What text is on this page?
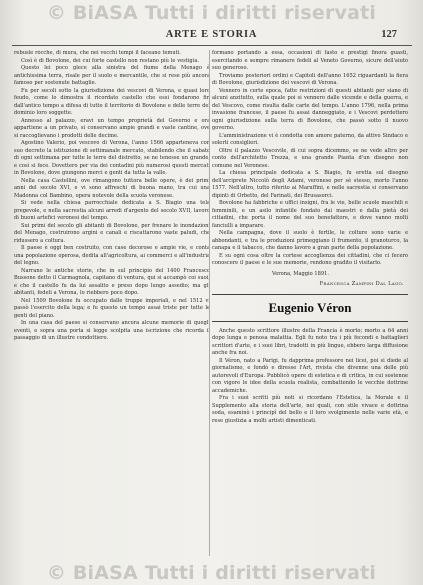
© BiASA Tutti i diritti riservati
ARTE E STORIA	127

rebusle rócche, di mura, che nei vecchi tempi il faceano temuti.

Così è di Bovolone, dei cui forte castello non restano più le vestigia.

Questo lei poco glece alla sinistra del fiume della Menago è antichissima terra, risale per il suolo e mercantile, che si rese più ancora famoso per sostenute battaglie.

Fu per secoli sotto la giurisdizione dei vescovi di Verona, e quasi loro feudo, come lo dimostra il ricordato castello che essi fondarono fin dall'antico tempo a difesa di tutto il territorio di Bovolone e delle terre del dominio loro soggette.

Annesso al palazzo, eravi un tempo proprietà del Governo e ora appartiene a un privato, si conservano ampie grandi e vaste cantine, ove si raccoglievano i prodotti delle decime.

Agostino Valerio, poi vescovo di Verona, l'anno 1566 apparteneva con suo decreto la istituzione di settimanale mercato, stabilendo che il sabato di ogni settimana per tutte le terre del distretto, se ne tenesse un grande, e così si fece. Dovettero per via dei contadini più numerosi questi mercati in Bovolone, dove giungono merci e genti da tutta la valle.

Nella casa Castellini, ove rimangono tuttora belle opere, è dei primi anni del secolo XVI, e vi sono affreschi di buona mano, tra cui una Madonna col Bambino, opera notevole della scuola veronese.

Si vede nella chiesa parrocchiale dedicata a S. Biagio una tela pregevole, e nella sacrestia alcuni arredi d'argento del secolo XVII, lavoro di buoni artefici veronesi del tempo.

Sui primi del secolo gli abitanti di Bovolone, per frenare le inondazioni del Menago, costruirono argini e canali e riscattarono vaste paludi, che ridussero a coltura.

Il paese è oggi ben costruito, con case decorose e ampie vie, e conta una popolazione operosa, dedita all'agricoltura, ai commerci e all'industria del legno.

Narrano le antiche storie, che in sul principio del 1400 Francesco Bussone detto il Carmagnola, capitano di ventura, qui si accampò coi suoi, e che il castello fu da lui assalito e preso dopo lungo assedio; ma gli abitanti, fedeli a Verona, lo riebbero poco dopo.

Nel 1509 Bovolone fu occupato dalle truppe imperiali, e nel 1512 vi passò l'esercito della lega; e fu questo un tempo assai triste per tutte le genti del piano.

In una casa del paese si conservano ancora alcune memorie di quegli eventi, e sopra una porta si legge scolpita una iscrizione che ricorda il passaggio di un illustre condottiero.

formano portando a essa, occasioni di fasto e prestigi finora guasti, esercitando e sempre rimanere fedeli al Veneto Governo, sicure dell'aiuto suo generoso.

Troviamo posteriori ordini e Capitoli dell'anno 1652 riguardanti la fiera di Bovolone, giurisdizione dei vescovi di Verona.

Vennero in certe epoca, fatte restrizioni di questi abitanti per siano di alcuni anzitutto, sulla quale poi si vennero dalle vicende e della guerra, e del Vescovo, come risulta dalle carte del tempo. L'anno 1796, nella prima invasione francese, il paese fu assai danneggiato, e i Vescovi perdettero ogni giurisdizione sulla terra di Bovolone, che passò sotto il nuovo governo.

L'amministrazione vi è condotta con amore paterno, da attivo Sindaco e solerti consiglieri.

Oltre il palazzo Vescovile, di cui sopra dicemmo, se ne vede altro per conto dell'architetto Trezza, e una grande Pianta d'un disegno non comune nel Veronese.

La chiesa principale dedicata a S. Biagio, fu eretta sul disegno dell'arciprete Niccolò degli Adami, veronese per sè stesso, morto l'anno 1577. Nell'altro, tutto riferito ai Maruffini, e nelle sacrestia si conservano dipinti di Orbetto, del Farinati, dei Brusasorci.

Bovolone ha fabbriche e uffici insigni, fra le vie, belle scuole maschili e femminili, e un asilo infantile fondato dai maestri e dalla pietà dei cittadini, che porta il nome del suo benefattore, e dove vanno molti fanciulli a imparare.

Nella campagna, dove il suolo è fertile, le colture sono varie e abbondanti, e tra le produzioni primeggiano il frumento, il granoturco, la canapa e il tabacco, che danno lavoro a gran parte della popolazione.

E su ogni cosa oltre la cortese accoglienza dei cittadini, che ci fecero conoscere il paese e le sue memorie, rendono gradito il visitarlo.

Verona, Maggio 1891.
Francesca Zampini Dal Lago.
Eugenio Véron

Anche questo scrittore illustre della Francia è morto; morto a 64 anni dopo lunga e penosa malattia. Egli fu noto tra i più fecondi e battaglieri scrittori d'arte, e i suoi libri, tradotti in più lingue, ebbero larga diffusione anche fra noi.

Il Véron, nato a Parigi, fu dapprima professore nei licei, poi si diede al giornalismo, e fondò e diresse l'Art, rivista che divenne una delle più autorevoli d'Europa. Pubblicò opere di estetica e di critica, in cui sostenne con vigore le idee della scuola realista, combattendo le vecchie dottrine accademiche.

Fra i suoi scritti più noti si ricordano l'Estetica, la Morale e il Supplemento alla storia dell'arte, nei quali, con stile vivace e dottrina soda, esaminò i principî del bello e il loro svolgimento nelle varie età, e rese giustizia a molti artisti dimenticati.

© BiASA Tutti i diritti riservati
